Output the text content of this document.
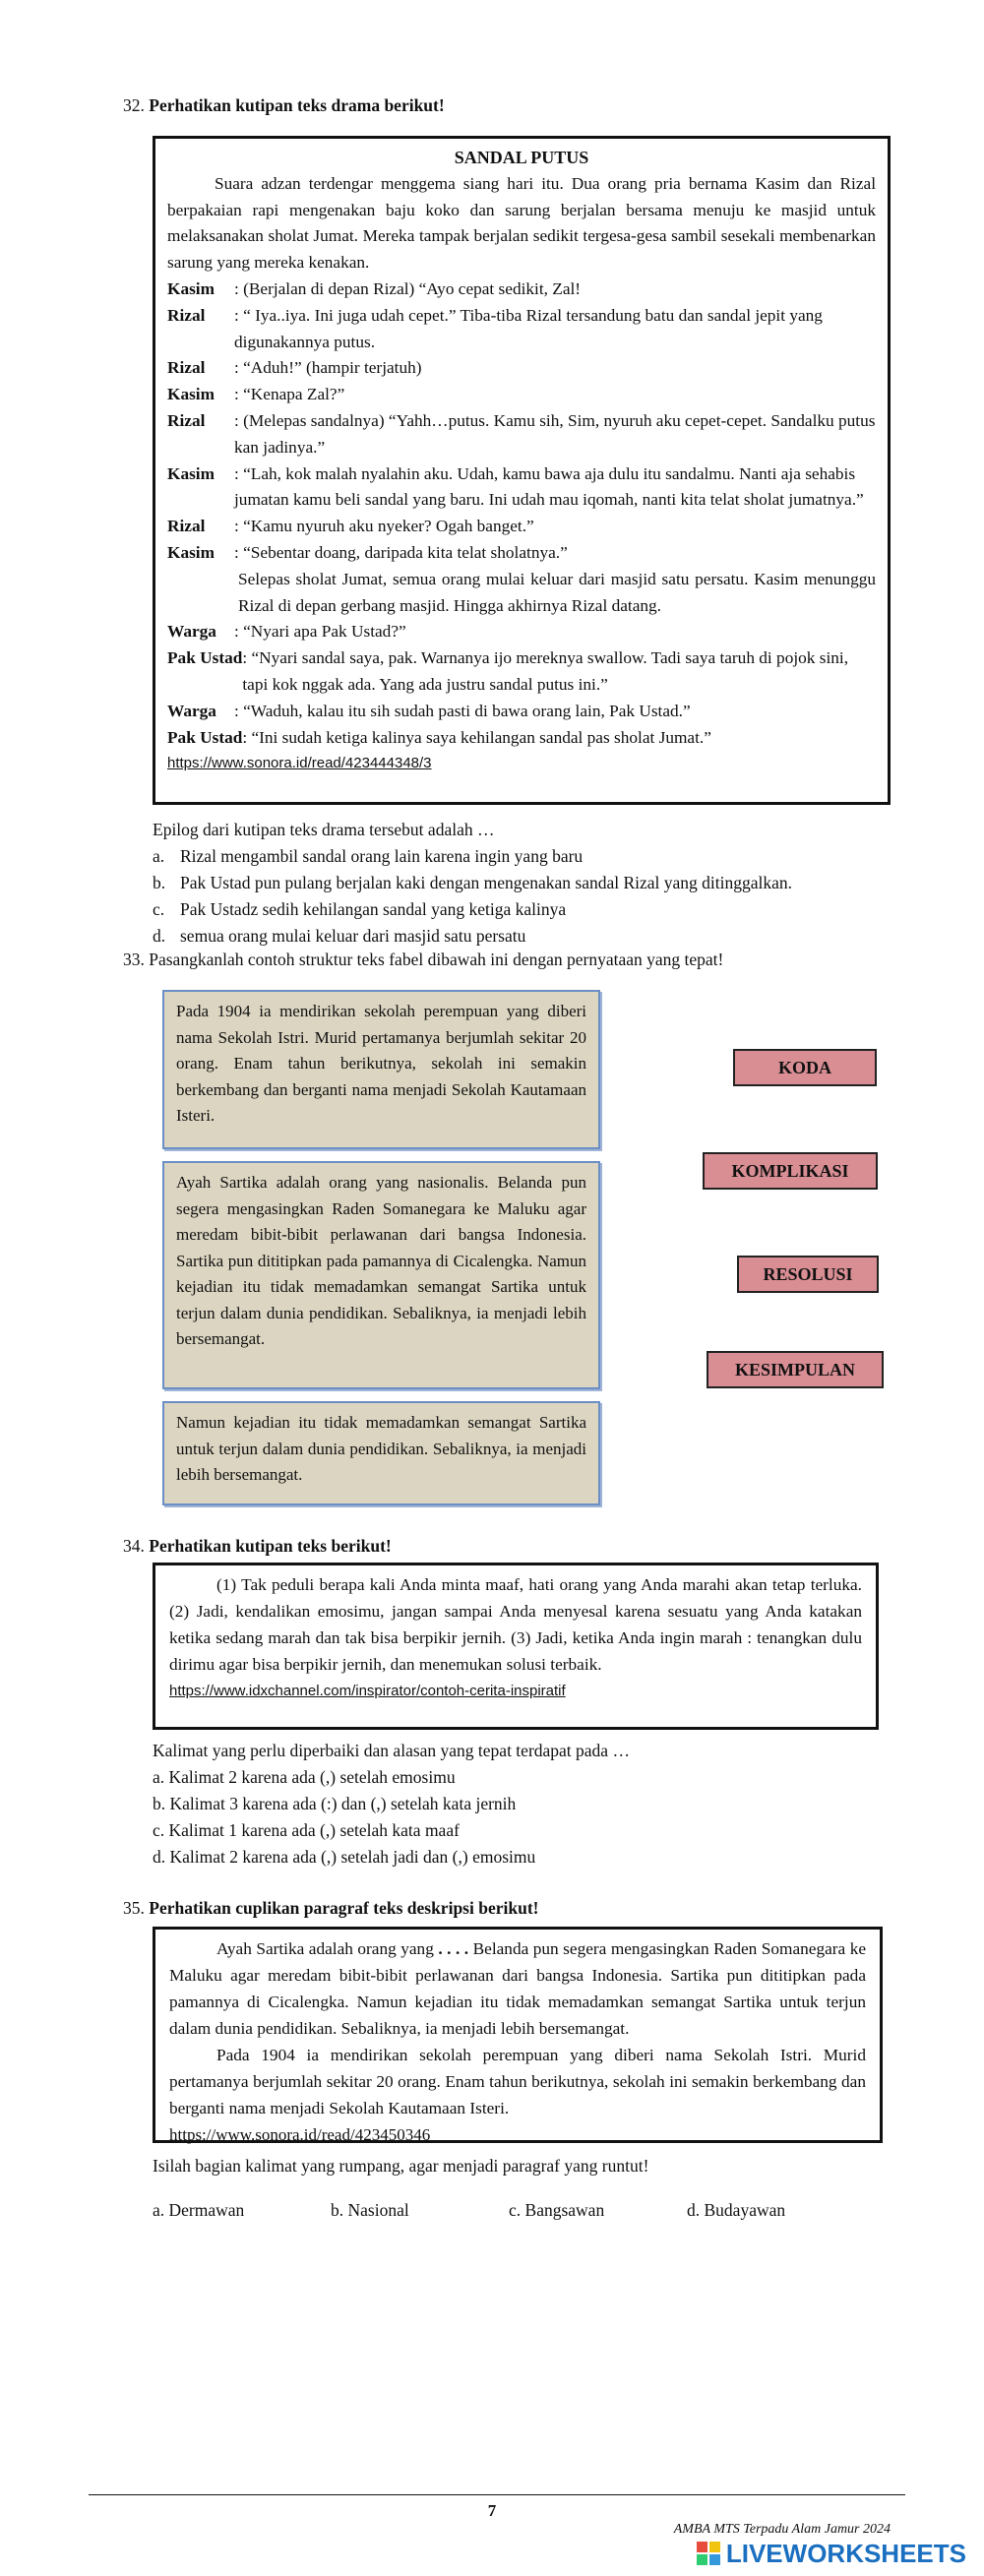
32. Perhatikan kutipan teks drama berikut!
SANDAL PUTUS

Suara adzan terdengar menggema siang hari itu. Dua orang pria bernama Kasim dan Rizal berpakaian rapi mengenakan baju koko dan sarung berjalan bersama menuju ke masjid untuk melaksanakan sholat Jumat. Mereka tampak berjalan sedikit tergesa-gesa sambil sesekali membenarkan sarung yang mereka kenakan.

Kasim	: (Berjalan di depan Rizal) “Ayo cepat sedikit, Zal!
Rizal	: “ Iya..iya. Ini juga udah cepet.” Tiba-tiba Rizal tersandung batu dan sandal jepit yang digunakannya putus.
Rizal	: “Aduh!” (hampir terjatuh)
Kasim	: “Kenapa Zal?”
Rizal	: (Melepas sandalnya) “Yahh…putus. Kamu sih, Sim, nyuruh aku cepet-cepet. Sandalku putus kan jadinya.”
Kasim	: “Lah, kok malah nyalahin aku. Udah, kamu bawa aja dulu itu sandalmu. Nanti aja sehabis jumatan kamu beli sandal yang baru. Ini udah mau iqomah, nanti kita telat sholat jumatnya.”
Rizal	: “Kamu nyuruh aku nyeker? Ogah banget.”
Kasim	: “Sebentar doang, daripada kita telat sholatnya.”

Selepas sholat Jumat, semua orang mulai keluar dari masjid satu persatu. Kasim menunggu Rizal di depan gerbang masjid. Hingga akhirnya Rizal datang.

Warga	: “Nyari apa Pak Ustad?”
Pak Ustad : “Nyari sandal saya, pak. Warnanya ijo mereknya swallow. Tadi saya taruh di pojok sini, tapi kok nggak ada. Yang ada justru sandal putus ini.”
Warga	: “Waduh, kalau itu sih sudah pasti di bawa orang lain, Pak Ustad.”
Pak Ustad : “Ini sudah ketiga kalinya saya kehilangan sandal pas sholat Jumat.”
https://www.sonora.id/read/423444348/3
Epilog dari kutipan teks drama tersebut adalah …
a. Rizal mengambil sandal orang lain karena ingin yang baru
b. Pak Ustad pun pulang berjalan kaki dengan mengenakan sandal Rizal yang ditinggalkan.
c. Pak Ustadz sedih kehilangan sandal yang ketiga kalinya
d. semua orang mulai keluar dari masjid satu persatu
33. Pasangkanlah contoh struktur teks fabel dibawah ini dengan pernyataan yang tepat!
Pada 1904 ia mendirikan sekolah perempuan yang diberi nama Sekolah Istri. Murid pertamanya berjumlah sekitar 20 orang. Enam tahun berikutnya, sekolah ini semakin berkembang dan berganti nama menjadi Sekolah Kautamaan Isteri.
Ayah Sartika adalah orang yang nasionalis. Belanda pun segera mengasingkan Raden Somanegara ke Maluku agar meredam bibit-bibit perlawanan dari bangsa Indonesia. Sartika pun dititipkan pada pamannya di Cicalengka. Namun kejadian itu tidak memadamkan semangat Sartika untuk terjun dalam dunia pendidikan. Sebaliknya, ia menjadi lebih bersemangat.
Namun kejadian itu tidak memadamkan semangat Sartika untuk terjun dalam dunia pendidikan. Sebaliknya, ia menjadi lebih bersemangat.
KODA
KOMPLIKASI
RESOLUSI
KESIMPULAN
34. Perhatikan kutipan teks berikut!

(1) Tak peduli berapa kali Anda minta maaf, hati orang yang Anda marahi akan tetap terluka. (2) Jadi, kendalikan emosimu, jangan sampai Anda menyesal karena sesuatu yang Anda katakan ketika sedang marah dan tak bisa berpikir jernih. (3) Jadi, ketika Anda ingin marah : tenangkan dulu dirimu agar bisa berpikir jernih, dan menemukan solusi terbaik.

https://www.idxchannel.com/inspirator/contoh-cerita-inspiratif
Kalimat yang perlu diperbaiki dan alasan yang tepat terdapat pada …
a. Kalimat 2 karena ada (,) setelah emosimu
b. Kalimat 3 karena ada (:) dan (,) setelah kata jernih
c. Kalimat 1 karena ada (,) setelah kata maaf
d. Kalimat 2 karena ada (,) setelah jadi dan (,) emosimu
35. Perhatikan cuplikan paragraf teks deskripsi berikut!

Ayah Sartika adalah orang yang . . . . Belanda pun segera mengasingkan Raden Somanegara ke Maluku agar meredam bibit-bibit perlawanan dari bangsa Indonesia. Sartika pun dititipkan pada pamannya di Cicalengka. Namun kejadian itu tidak memadamkan semangat Sartika untuk terjun dalam dunia pendidikan. Sebaliknya, ia menjadi lebih bersemangat.

Pada 1904 ia mendirikan sekolah perempuan yang diberi nama Sekolah Istri. Murid pertamanya berjumlah sekitar 20 orang. Enam tahun berikutnya, sekolah ini semakin berkembang dan berganti nama menjadi Sekolah Kautamaan Isteri.

https://www.sonora.id/read/423450346
Isilah bagian kalimat yang rumpang, agar menjadi paragraf yang runtut!
a. Dermawan	b. Nasional	c. Bangsawan	d. Budayawan
7
AMBA MTS Terpadu Alam Jamur 2024
LIVEWORKSHEETS
